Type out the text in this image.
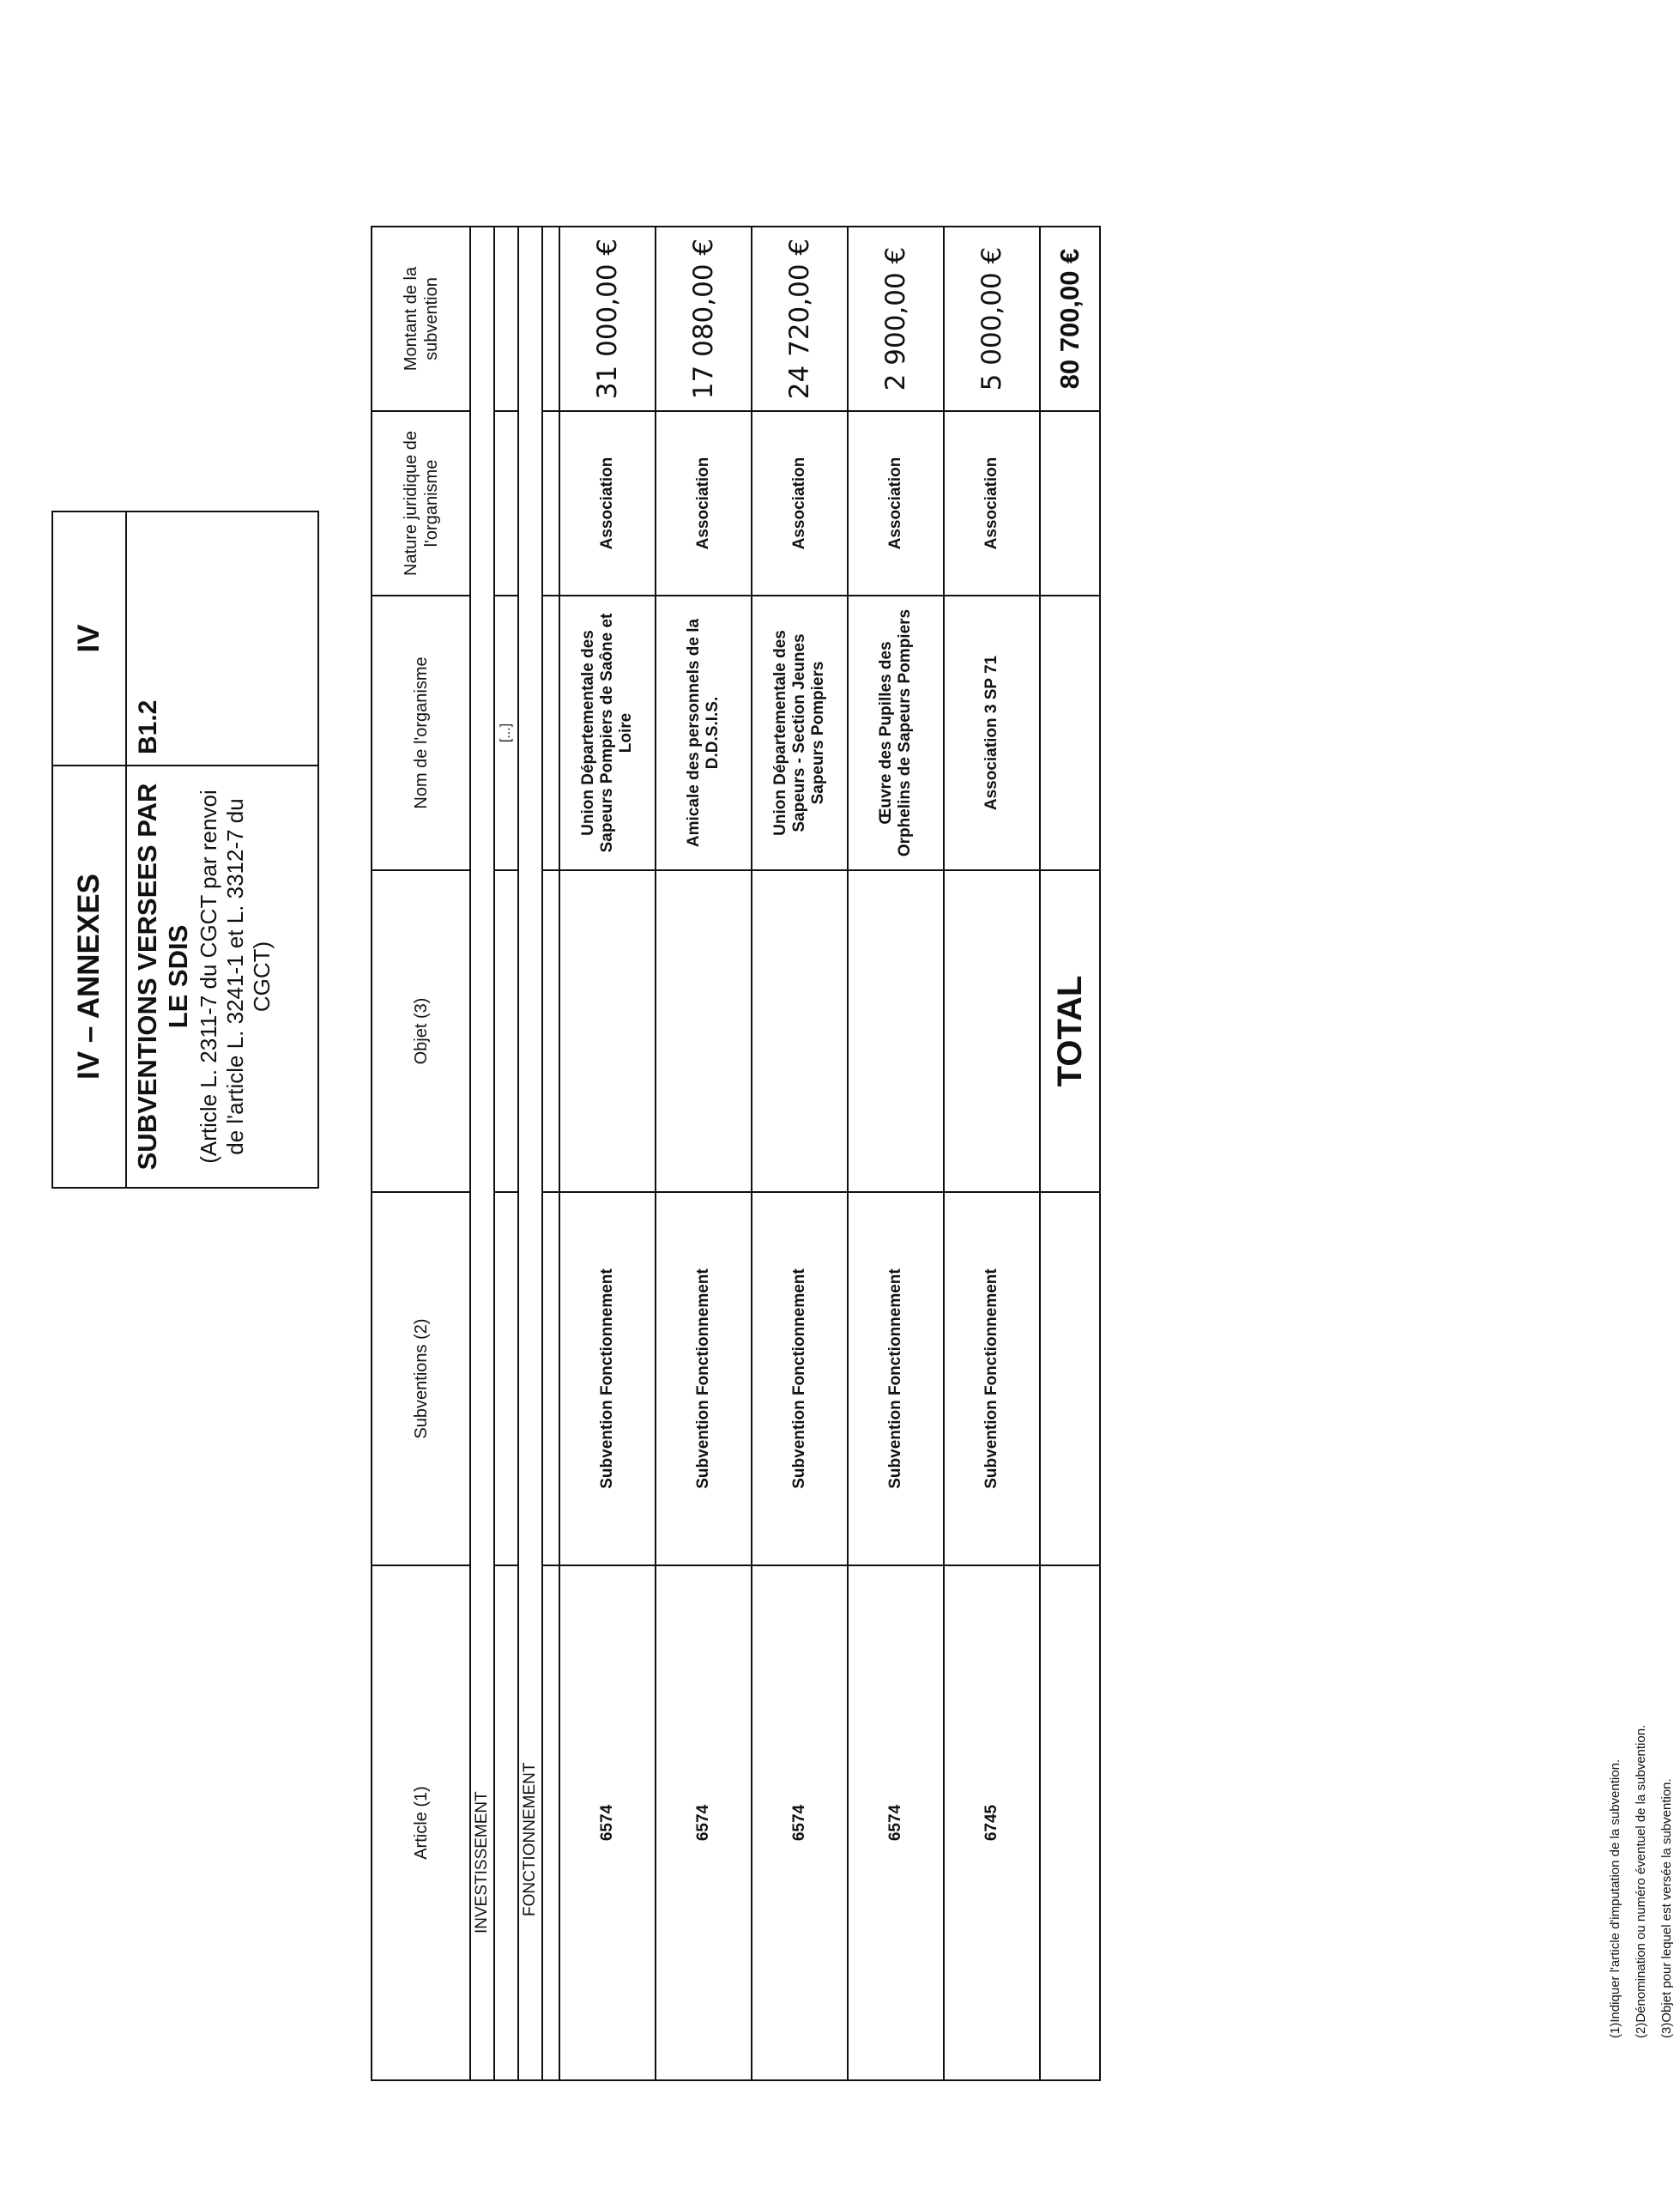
IV – ANNEXES	IV

SUBVENTIONS VERSEES PAR LE SDIS (Article L. 2311-7 du CGCT par renvoi de l'article L. 3241-1 et L. 3312-7 du CGCT)	B1.2
Article (1)	Subventions (2)	Objet (3)	Nom de l'organisme	Nature juridique de l'organisme	Montant de la subvention
INVESTISSEMENT					
			[...]		
FONCTIONNEMENT					

6574	Subvention Fonctionnement		Union Départementale des Sapeurs Pompiers de Saône et Loire	Association	31 000,00 €
6574	Subvention Fonctionnement		Amicale des personnels de la D.D.S.I.S.	Association	17 080,00 €
6574	Subvention Fonctionnement		Union Départementale des Sapeurs - Section Jeunes Sapeurs Pompiers	Association	24 720,00 €
6574	Subvention Fonctionnement		Œuvre des Pupilles des Orphelins de Sapeurs Pompiers	Association	2 900,00 €
6745	Subvention Fonctionnement		Association 3 SP 71	Association	5 000,00 €
		TOTAL			80 700,00 €
(1)Indiquer l'article d'imputation de la subvention. (2)Dénomination ou numéro éventuel de la subvention. (3)Objet pour lequel est versée la subvention.
